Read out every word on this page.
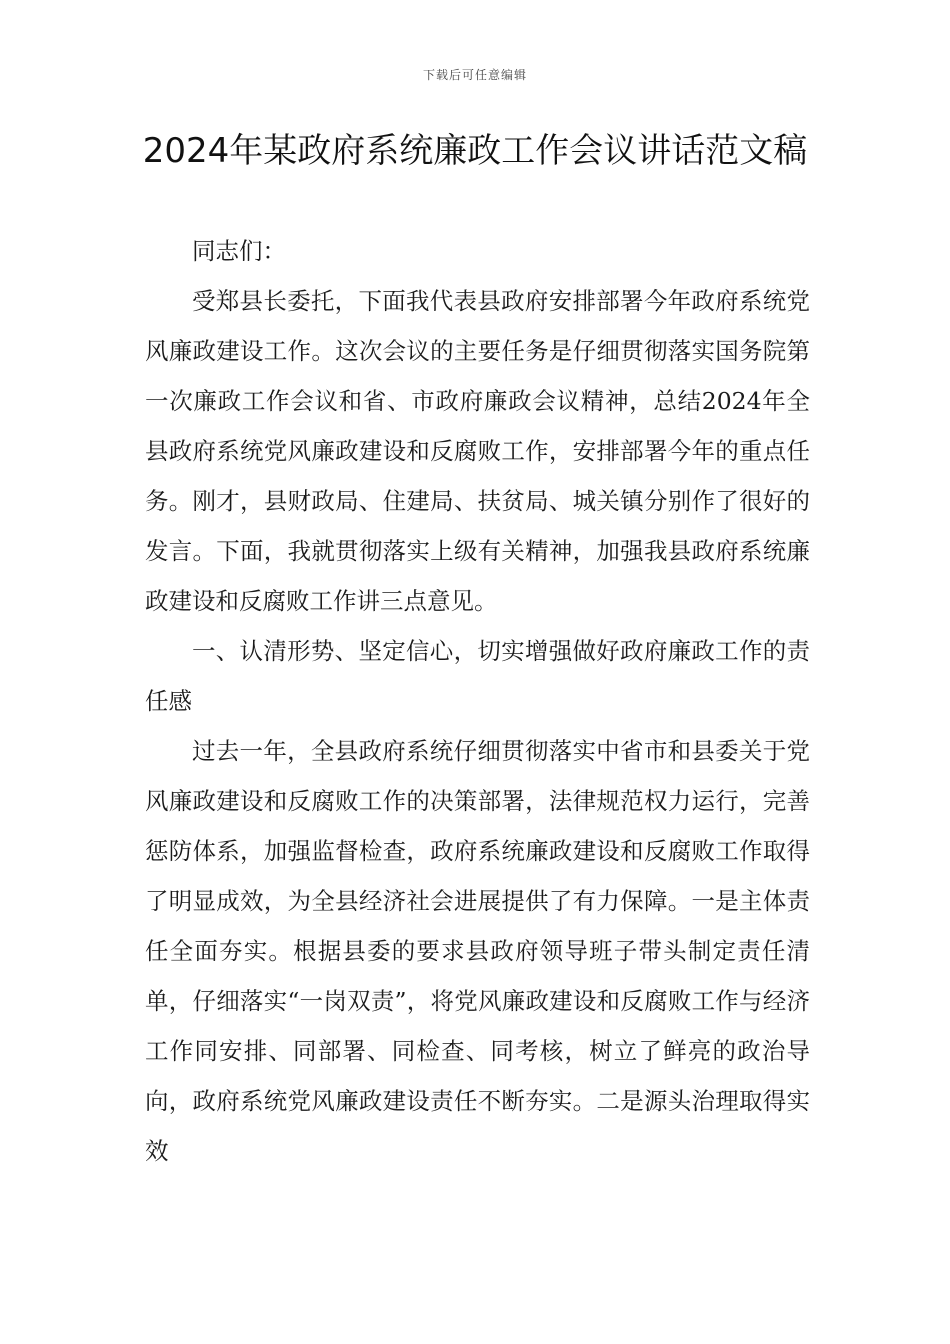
下载后可任意编辑
2024年某政府系统廉政工作会议讲话范文稿

同志们：

受郑县长委托，下面我代表县政府安排部署今年政府系统党风廉政建设工作。这次会议的主要任务是仔细贯彻落实国务院第一次廉政工作会议和省、市政府廉政会议精神，总结2024年全县政府系统党风廉政建设和反腐败工作，安排部署今年的重点任务。刚才，县财政局、住建局、扶贫局、城关镇分别作了很好的发言。下面，我就贯彻落实上级有关精神，加强我县政府系统廉政建设和反腐败工作讲三点意见。

一、认清形势、坚定信心，切实增强做好政府廉政工作的责任感

过去一年，全县政府系统仔细贯彻落实中省市和县委关于党风廉政建设和反腐败工作的决策部署，法律规范权力运行，完善惩防体系，加强监督检查，政府系统廉政建设和反腐败工作取得了明显成效，为全县经济社会进展提供了有力保障。一是主体责任全面夯实。根据县委的要求县政府领导班子带头制定责任清单，仔细落实“一岗双责”，将党风廉政建设和反腐败工作与经济工作同安排、同部署、同检查、同考核，树立了鲜亮的政治导向，政府系统党风廉政建设责任不断夯实。二是源头治理取得实效
